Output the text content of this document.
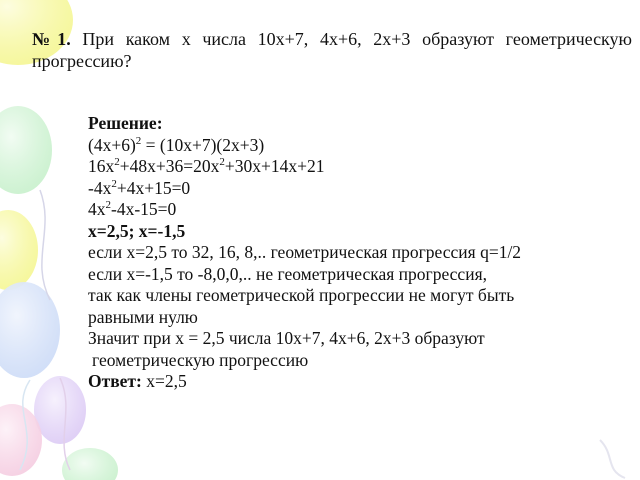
№1. При каком x числа 10x+7, 4x+6, 2x+3 образуют геометрическую прогрессию?
Решение:
$(4x+6)^2 = (10x+7)(2x+3)$
$16x^2+48x+36=20x^2+30x+14x+21$
$-4x^2+4x+15=0$
$4x^2-4x-15=0$
x=2,5; x=-1,5
если x=2,5 то 32, 16, 8,.. геометрическая прогрессия q=1/2
если x=-1,5 то -8,0,0,.. не геометрическая прогрессия,
так как члены геометрической прогрессии не могут быть
равными нулю
Значит при x = 2,5 числа 10x+7, 4x+6, 2x+3 образуют
геометрическую прогрессию
Ответ: x=2,5
